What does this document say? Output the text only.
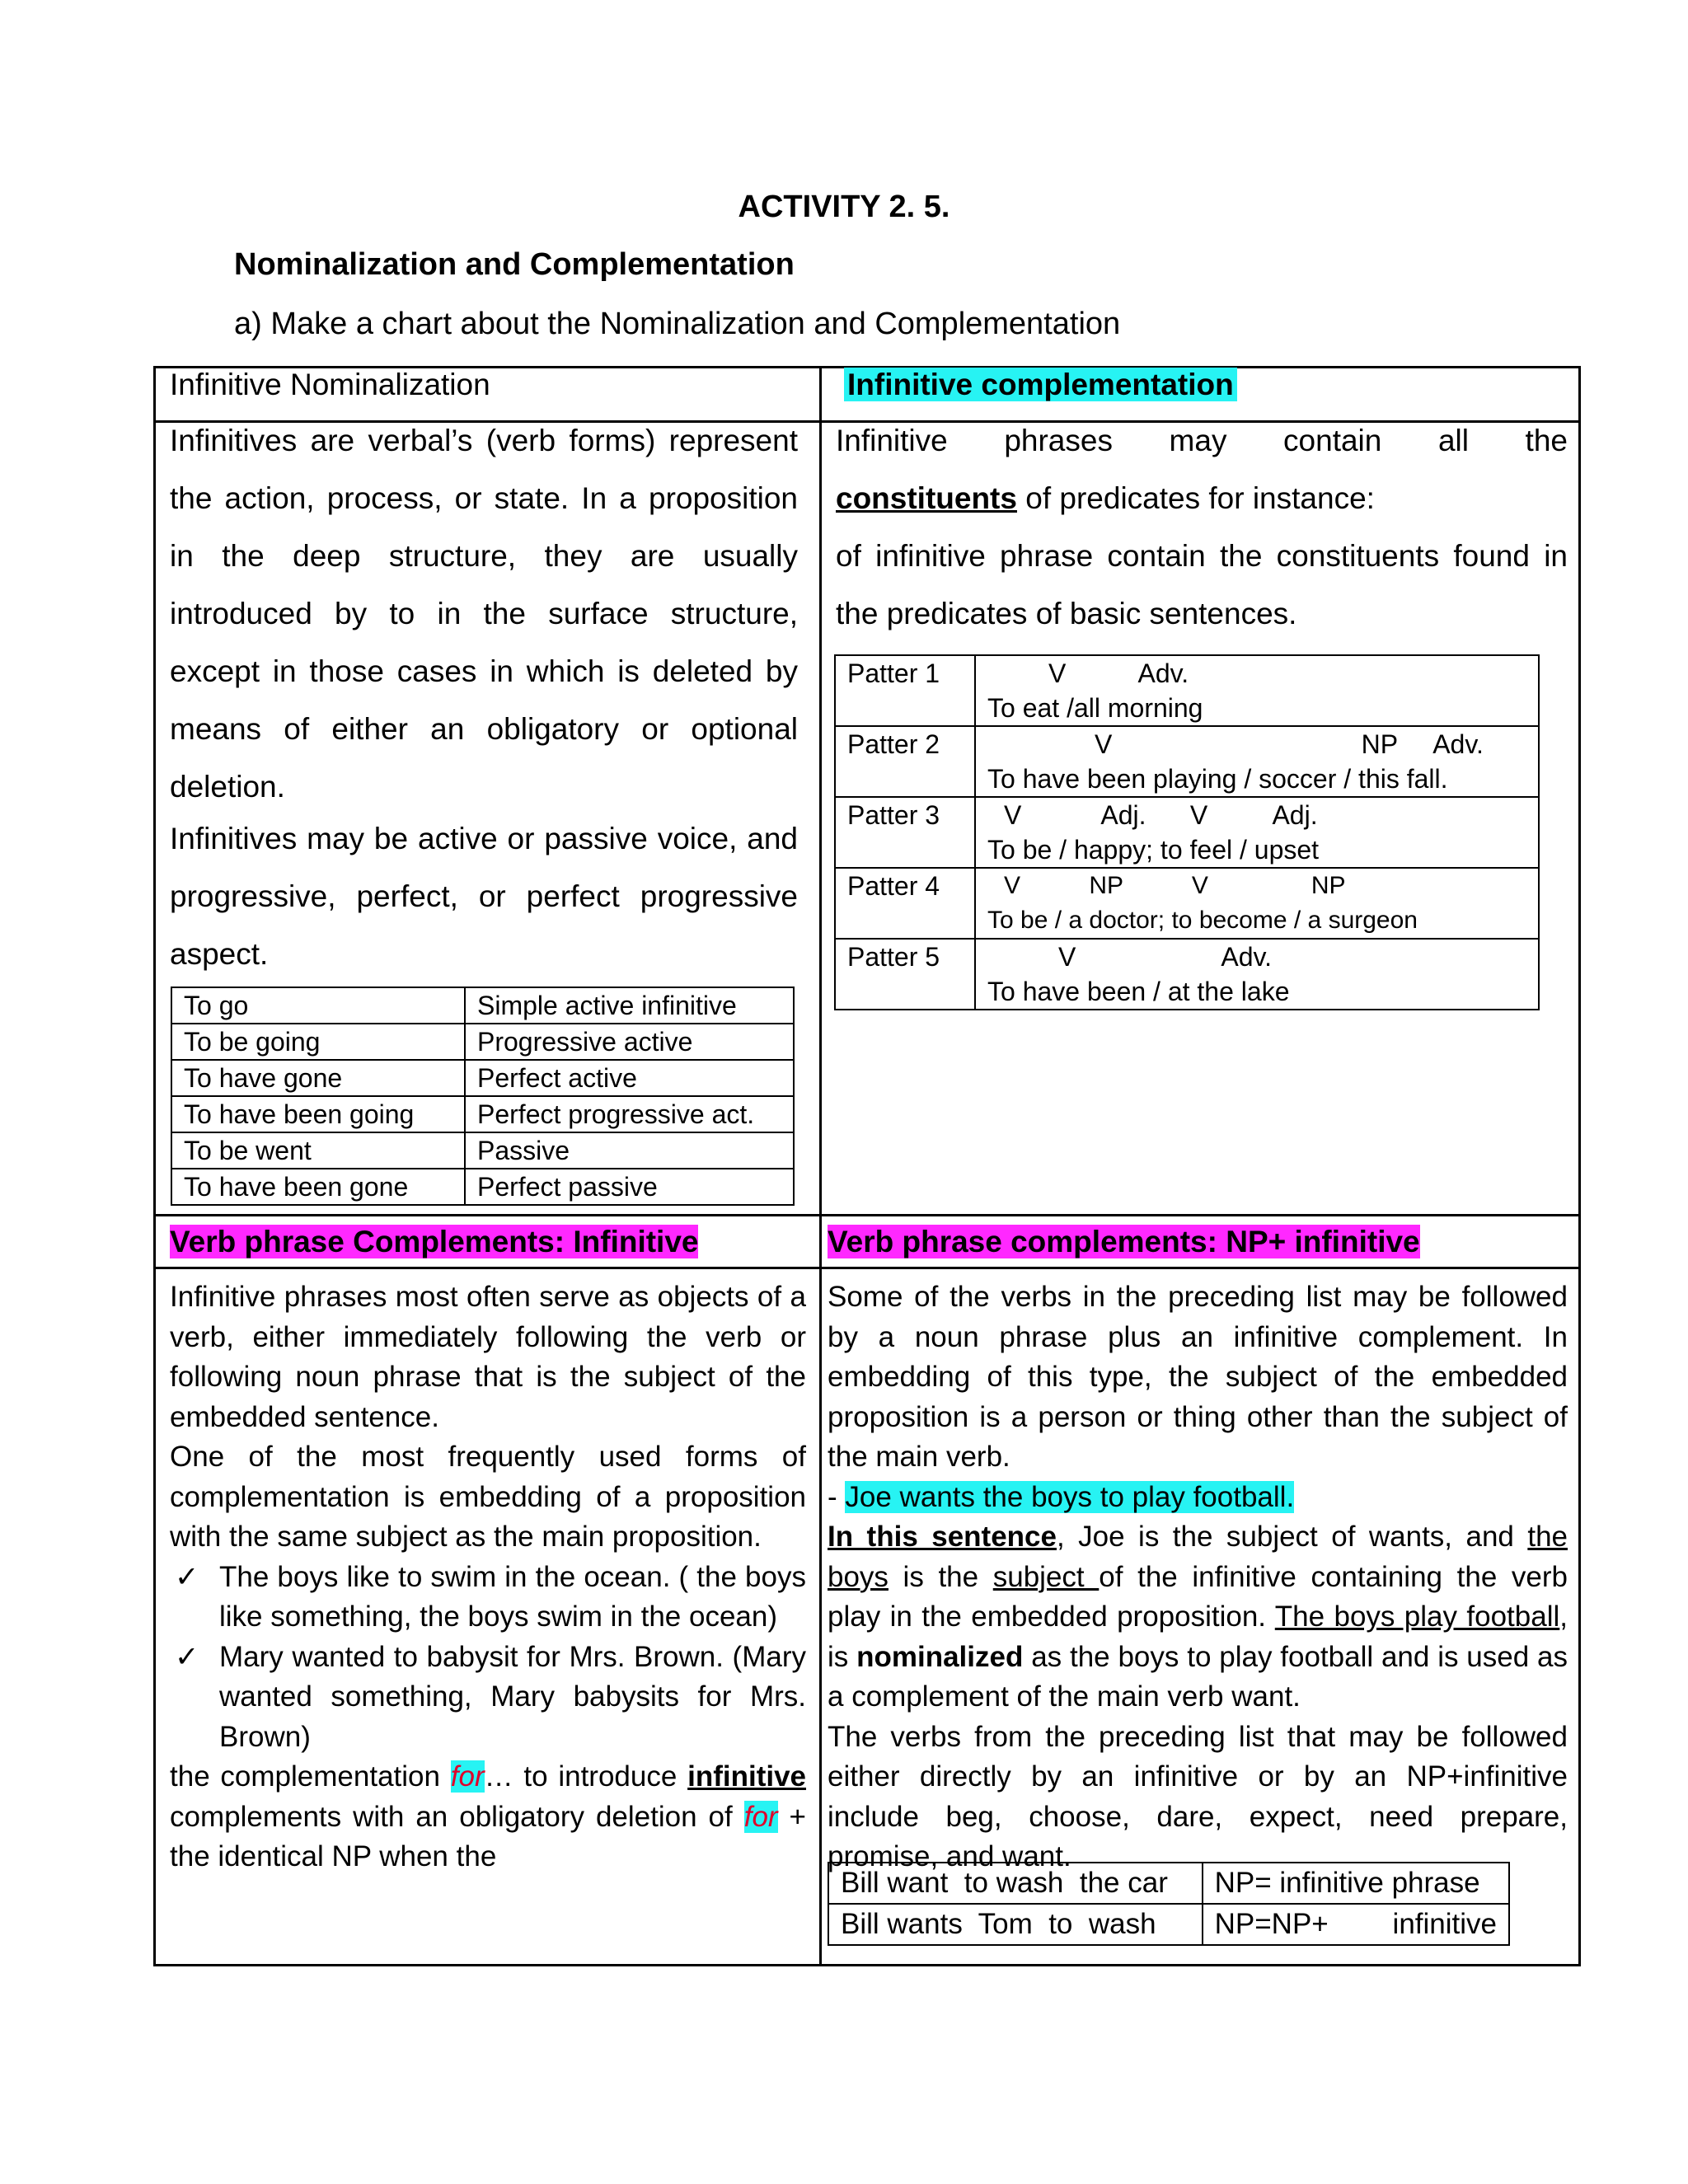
ACTIVITY 2. 5.
Nominalization and Complementation
a) Make a chart about the Nominalization and Complementation
Infinitive Nominalization
Infinitives are verbal’s (verb forms) represent the action, process, or state. In a proposition in the deep structure, they are usually introduced by to in the surface structure, except in those cases in which is deleted by means of either an obligatory or optional deletion.
Infinitives may be active or passive voice, and progressive, perfect, or perfect progressive aspect.
To go	Simple active infinitive
To be going	Progressive active
To have gone	Perfect active
To have been going	Perfect progressive act.
To be went	Passive
To have been gone	Perfect passive
Infinitive complementation
Infinitive phrases may contain all the
constituents of predicates for instance:
of infinitive phrase contain the constituents found in the predicates of basic sentences.
Patter 1	V          Adv.
To eat /all morning

Patter 2	V                                  NP     Adv.
To have been playing / soccer / this fall.

Patter 3	V           Adj.      V         Adj.
To be / happy; to feel / upset

Patter 4	V          NP          V               NP
To be / a doctor; to become / a surgeon

Patter 5	V                    Adv.
To have been / at the lake
Verb phrase Complements: Infinitive
Infinitive phrases most often serve as objects of a verb, either immediately following the verb or following noun phrase that is the subject of the embedded sentence.
One of the most frequently used forms of complementation is embedding of a proposition with the same subject as the main proposition.
✓ The boys like to swim in the ocean. ( the boys like something, the boys swim in the ocean)
✓ Mary wanted to babysit for Mrs. Brown. (Mary wanted something, Mary babysits for Mrs. Brown)
the complementation for… to introduce infinitive complements with an obligatory deletion of for + the identical NP when the
Verb phrase complements: NP+ infinitive
Some of the verbs in the preceding list may be followed by a noun phrase plus an infinitive complement. In embedding of this type, the subject of the embedded proposition is a person or thing other than the subject of the main verb.
- Joe wants the boys to play football.
In this sentence, Joe is the subject of wants, and the boys is the subject of the infinitive containing the verb play in the embedded proposition. The boys play football, is nominalized as the boys to play football and is used as a complement of the main verb want.
The verbs from the preceding list that may be followed either directly by an infinitive or by an NP+infinitive include beg, choose, dare, expect, need prepare, promise, and want.
Bill want  to wash  the car	NP= infinitive phrase
Bill wants  Tom  to  wash	NP=NP+        infinitive
